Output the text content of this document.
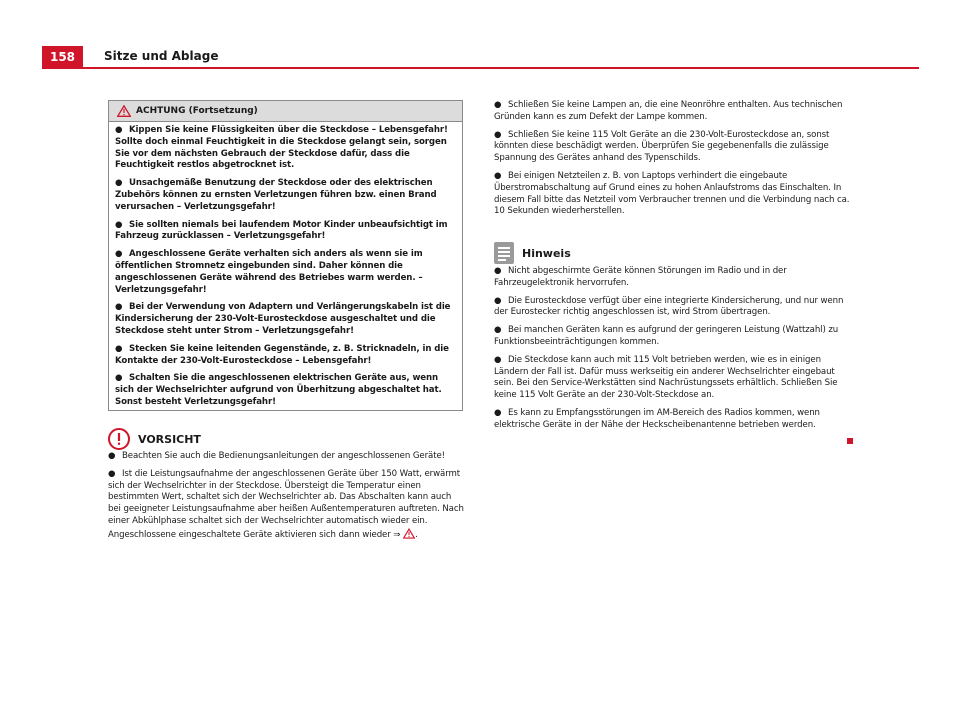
158	Sitze und Ablage
ACHTUNG (Fortsetzung)

● Kippen Sie keine Flüssigkeiten über die Steckdose – Lebensgefahr! Sollte doch einmal Feuchtigkeit in die Steckdose gelangt sein, sorgen Sie vor dem nächsten Gebrauch der Steckdose dafür, dass die Feuchtigkeit restlos abgetrocknet ist.

● Unsachgemäße Benutzung der Steckdose oder des elektrischen Zubehörs können zu ernsten Verletzungen führen bzw. einen Brand verursachen – Verletzungsgefahr!

● Sie sollten niemals bei laufendem Motor Kinder unbeaufsichtigt im Fahrzeug zurücklassen – Verletzungsgefahr!

● Angeschlossene Geräte verhalten sich anders als wenn sie im öffentlichen Stromnetz eingebunden sind. Daher können die angeschlossenen Geräte während des Betriebes warm werden. – Verletzungsgefahr!

● Bei der Verwendung von Adaptern und Verlängerungskabeln ist die Kindersicherung der 230-Volt-Eurosteckdose ausgeschaltet und die Steckdose steht unter Strom – Verletzungsgefahr!

● Stecken Sie keine leitenden Gegenstände, z. B. Stricknadeln, in die Kontakte der 230-Volt-Eurosteckdose – Lebensgefahr!

● Schalten Sie die angeschlossenen elektrischen Geräte aus, wenn sich der Wechselrichter aufgrund von Überhitzung abgeschaltet hat. Sonst besteht Verletzungsgefahr!

VORSICHT

● Beachten Sie auch die Bedienungsanleitungen der angeschlossenen Geräte!

● Ist die Leistungsaufnahme der angeschlossenen Geräte über 150 Watt, erwärmt sich der Wechselrichter in der Steckdose. Übersteigt die Temperatur einen bestimmten Wert, schaltet sich der Wechselrichter ab. Das Abschalten kann auch bei geeigneter Leistungsaufnahme aber heißen Außentemperaturen auftreten. Nach einer Abkühlphase schaltet sich der Wechselrichter automatisch wieder ein. Angeschlossene eingeschaltete Geräte aktivieren sich dann wieder ⇒ .

● Schließen Sie keine Lampen an, die eine Neonröhre enthalten. Aus technischen Gründen kann es zum Defekt der Lampe kommen.

● Schließen Sie keine 115 Volt Geräte an die 230-Volt-Eurosteckdose an, sonst könnten diese beschädigt werden. Überprüfen Sie gegebenenfalls die zulässige Spannung des Gerätes anhand des Typenschilds.

● Bei einigen Netzteilen z. B. von Laptops verhindert die eingebaute Überstromabschaltung auf Grund eines zu hohen Anlaufstroms das Einschalten. In diesem Fall bitte das Netzteil vom Verbraucher trennen und die Verbindung nach ca. 10 Sekunden wiederherstellen.

Hinweis

● Nicht abgeschirmte Geräte können Störungen im Radio und in der Fahrzeugelektronik hervorrufen.

● Die Eurosteckdose verfügt über eine integrierte Kindersicherung, und nur wenn der Eurostecker richtig angeschlossen ist, wird Strom übertragen.

● Bei manchen Geräten kann es aufgrund der geringeren Leistung (Wattzahl) zu Funktionsbeeinträchtigungen kommen.

● Die Steckdose kann auch mit 115 Volt betrieben werden, wie es in einigen Ländern der Fall ist. Dafür muss werkseitig ein anderer Wechselrichter eingebaut sein. Bei den Service-Werkstätten sind Nachrüstungssets erhältlich. Schließen Sie keine 115 Volt Geräte an der 230-Volt-Steckdose an.

● Es kann zu Empfangsstörungen im AM-Bereich des Radios kommen, wenn elektrische Geräte in der Nähe der Heckscheibenantenne betrieben werden.
